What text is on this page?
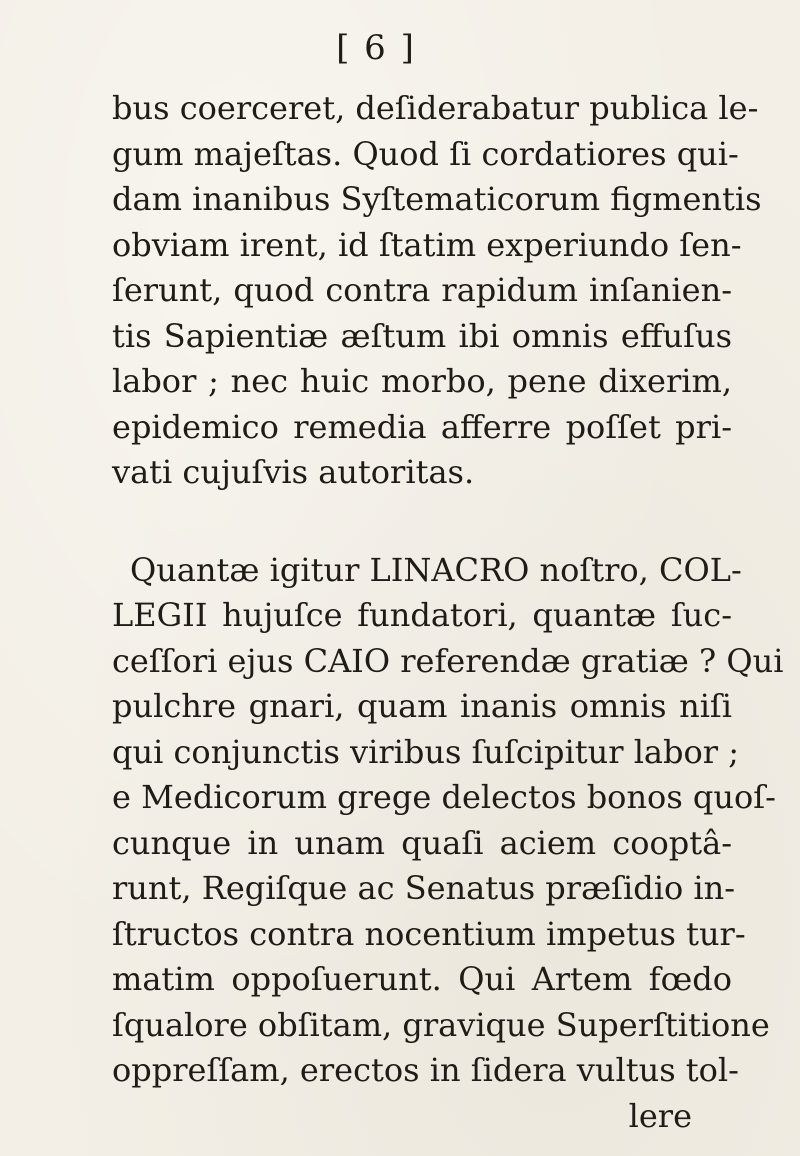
[ 6 ]
bus coerceret, deſiderabatur publica le-
gum majeſtas. Quod ſi cordatiores qui-
dam inanibus Syſtematicorum figmentis
obviam irent, id ſtatim experiundo ſen-
ſerunt, quod contra rapidum inſanien-
tis Sapientiæ æſtum ibi omnis effuſus
labor ; nec huic morbo, pene dixerim,
epidemico remedia afferre poſſet pri-
vati cujuſvis autoritas.
Quantæ igitur LINACRO noſtro, COL-
LEGII hujuſce fundatori, quantæ ſuc-
ceſſori ejus CAIO referendæ gratiæ ? Qui
pulchre gnari, quam inanis omnis niſi
qui conjunctis viribus ſuſcipitur labor ;
e Medicorum grege delectos bonos quoſ-
cunque in unam quaſi aciem cooptâ-
runt, Regiſque ac Senatus præſidio in-
ſtructos contra nocentium impetus tur-
matim oppoſuerunt. Qui Artem fœdo
ſqualore obſitam, gravique Superſtitione
oppreſſam, erectos in ſidera vultus tol-
lere
